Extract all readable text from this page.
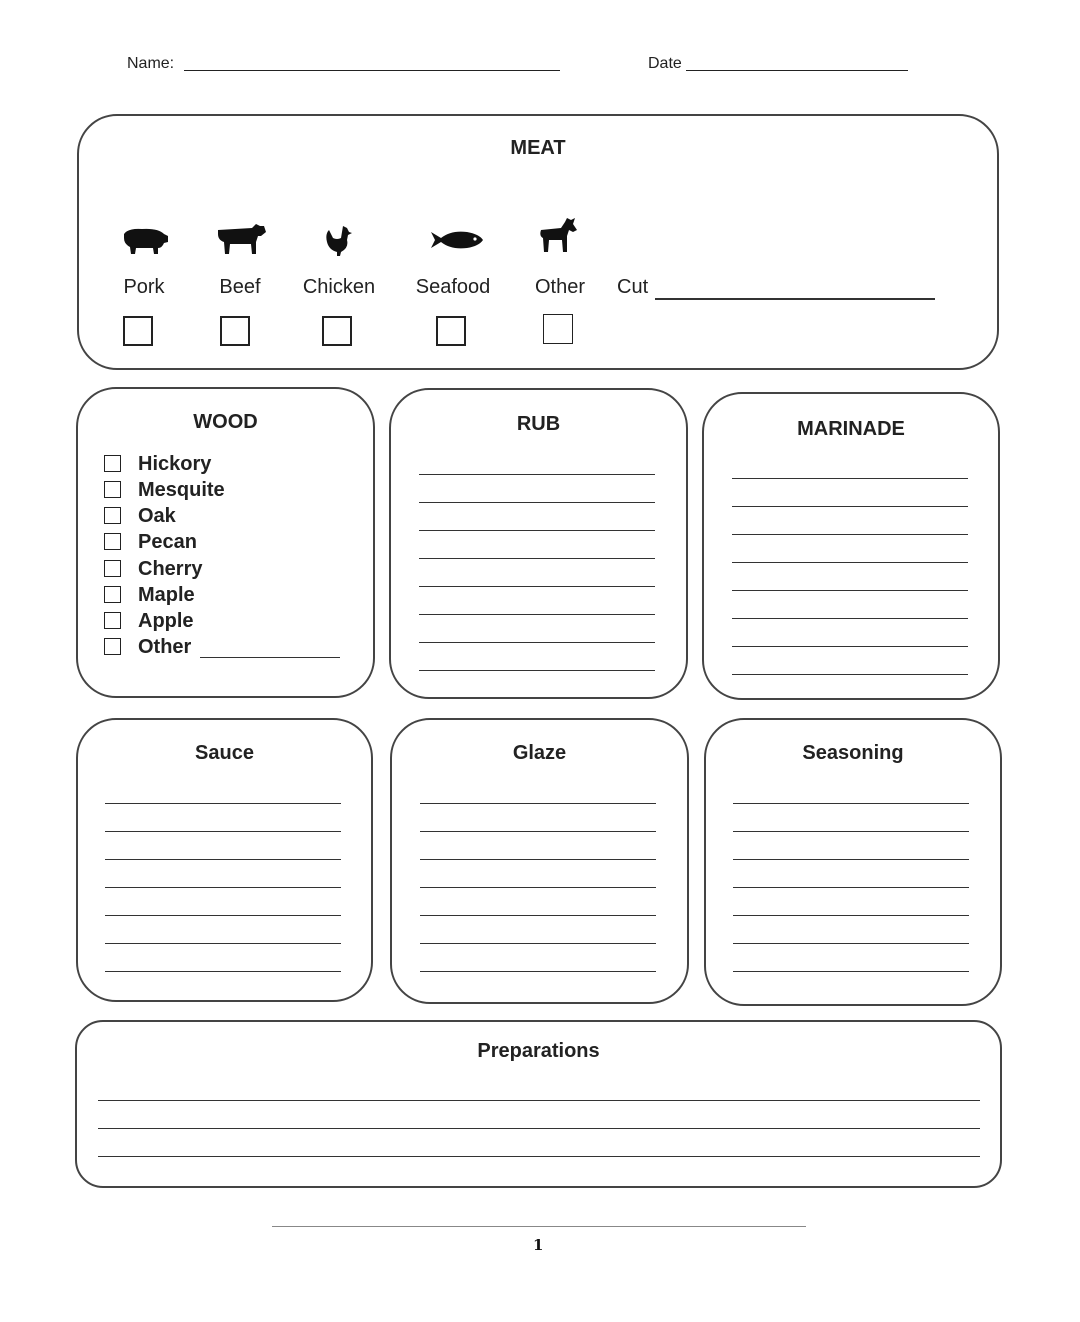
Name:	Date
MEAT
Pork	Beef	Chicken	Seafood	Other	Cut
WOOD
Hickory
Mesquite
Oak
Pecan
Cherry
Maple
Apple
Other
RUB	MARINADE
Sauce	Glaze	Seasoning
Preparations
1
